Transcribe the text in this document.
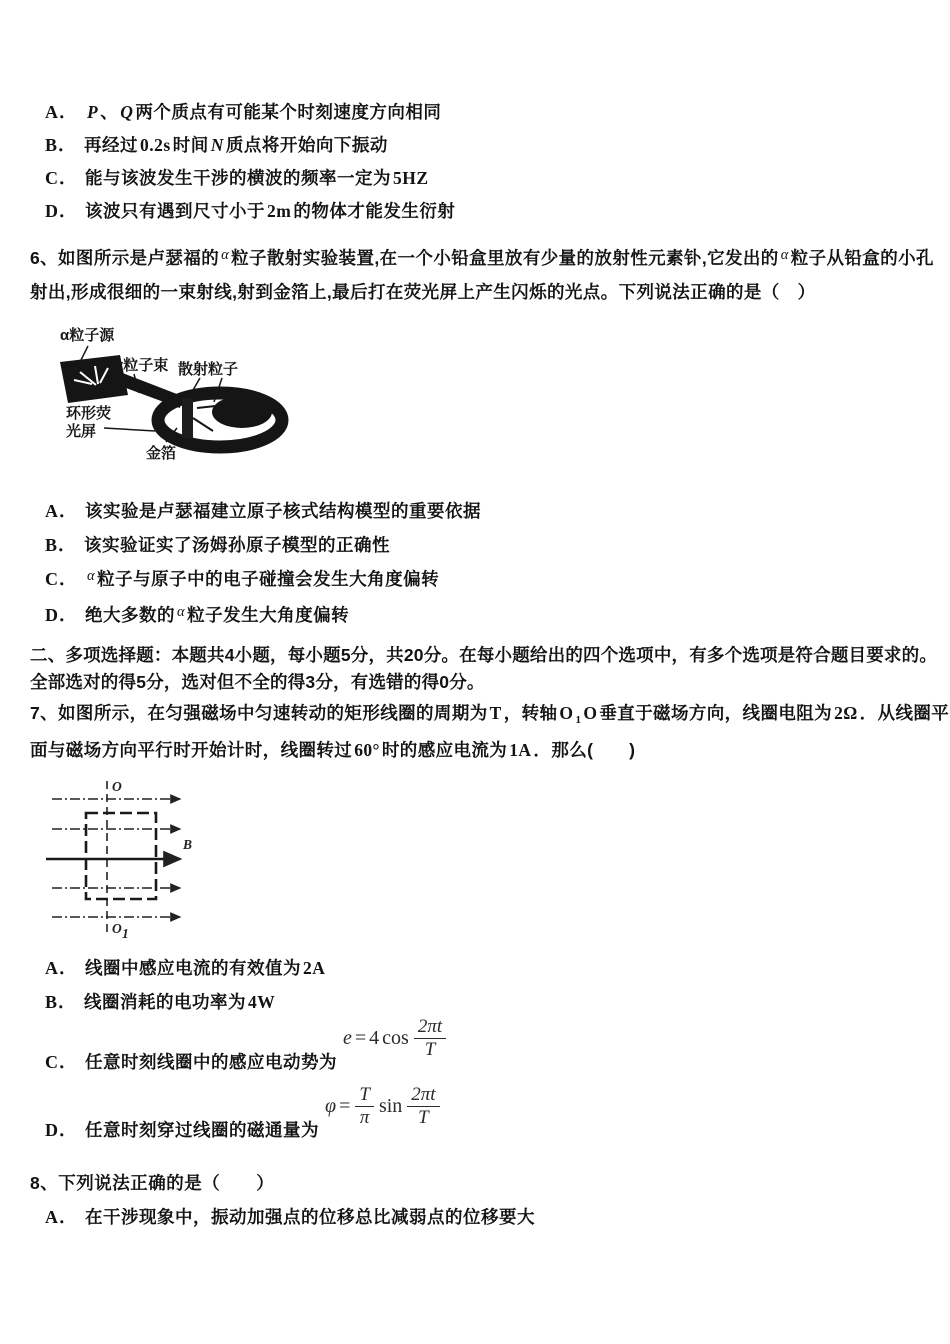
A． P 、 Q 两个质点有可能某个时刻速度方向相同
B． 再经过 0.2s 时间 N 质点将开始向下振动
C． 能与该波发生干涉的横波的频率一定为 5HZ
D． 该波只有遇到尺寸小于 2m 的物体才能发生衍射
6、如图所示是卢瑟福的 $^\alpha$ 粒子散射实验装置,在一个小铅盒里放有少量的放射性元素钋,它发出的 $^\alpha$ 粒子从铅盒的小孔
射出,形成很细的一束射线,射到金箔上,最后打在荧光屏上产生闪烁的光点。下列说法正确的是（　）
α粒子源
α粒子束 散射粒子
环形荧
光屏
金箔
A． 该实验是卢瑟福建立原子核式结构模型的重要依据
B． 该实验证实了汤姆孙原子模型的正确性
C． $^\alpha$ 粒子与原子中的电子碰撞会发生大角度偏转
D． 绝大多数的 $^\alpha$ 粒子发生大角度偏转
二、多项选择题：本题共4小题，每小题5分，共20分。在每小题给出的四个选项中，有多个选项是符合题目要求的。
全部选对的得5分，选对但不全的得3分，有选错的得0分。
7、如图所示，在匀强磁场中匀速转动的矩形线圈的周期为 T ，转轴 O $_1$ O 垂直于磁场方向，线圈电阻为 2Ω ．从线圈平
面与磁场方向平行时开始计时，线圈转过 60° 时的感应电流为 1A ．那么(　　 )
O
B
O 1
A． 线圈中感应电流的有效值为 2A
B． 线圈消耗的电功率为 4W
C． 任意时刻线圈中的感应电动势为
e = 4 $\cos \frac{2\pi t}{T}$
D． 任意时刻穿过线圈的磁通量为
$\varphi = \frac{T}{\pi}$ $\sin \frac{2\pi t}{T}$
8、下列说法正确的是（　　）
A． 在干涉现象中，振动加强点的位移总比减弱点的位移要大
